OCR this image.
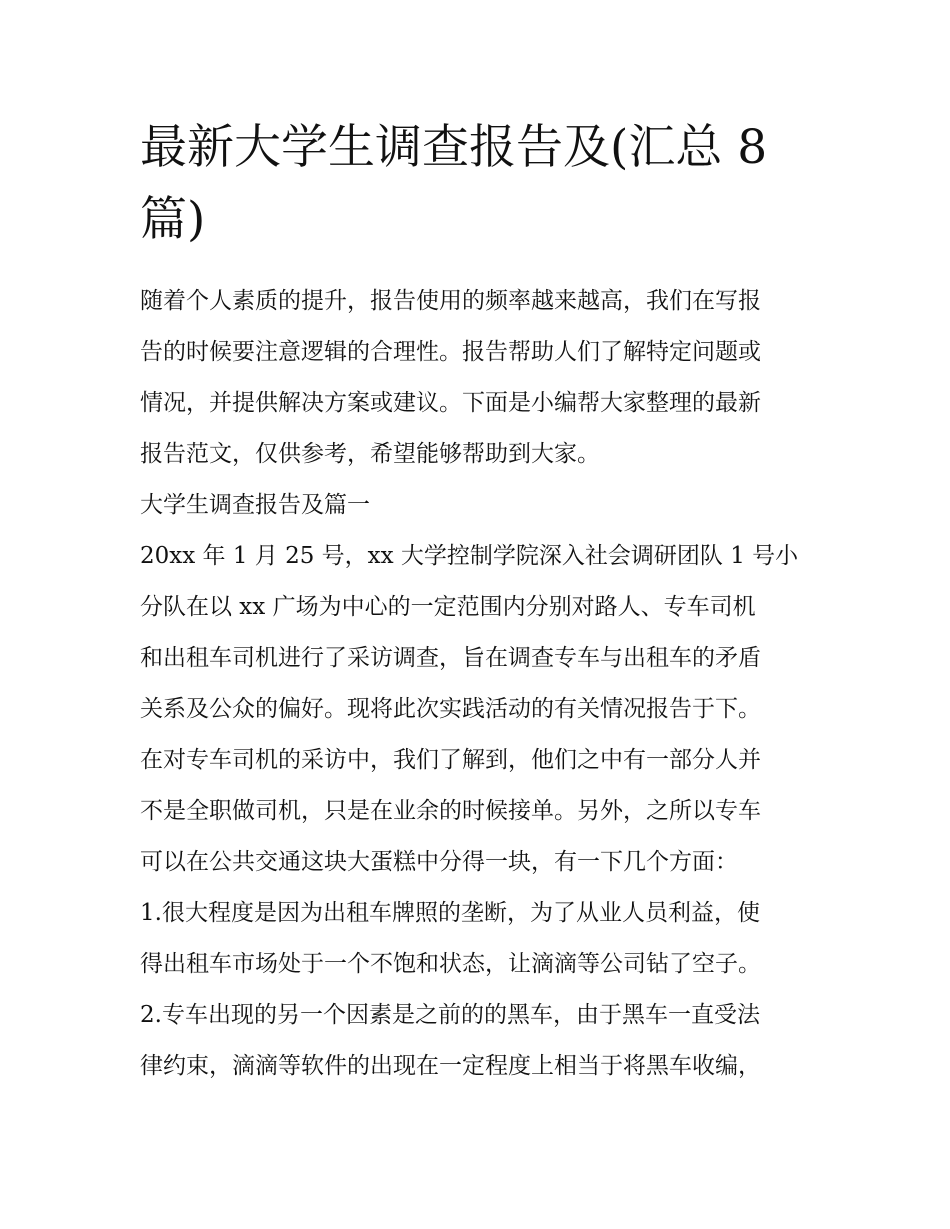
最新大学生调查报告及(汇总 8
篇)
随着个人素质的提升，报告使用的频率越来越高，我们在写报
告的时候要注意逻辑的合理性。报告帮助人们了解特定问题或
情况，并提供解决方案或建议。下面是小编帮大家整理的最新
报告范文，仅供参考，希望能够帮助到大家。
大学生调查报告及篇一
20xx 年 1 月 25 号，xx 大学控制学院深入社会调研团队 1 号小
分队在以 xx 广场为中心的一定范围内分别对路人、专车司机
和出租车司机进行了采访调查，旨在调查专车与出租车的矛盾
关系及公众的偏好。现将此次实践活动的有关情况报告于下。
在对专车司机的采访中，我们了解到，他们之中有一部分人并
不是全职做司机，只是在业余的时候接单。另外，之所以专车
可以在公共交通这块大蛋糕中分得一块，有一下几个方面：
1.很大程度是因为出租车牌照的垄断，为了从业人员利益，使
得出租车市场处于一个不饱和状态，让滴滴等公司钻了空子。
2.专车出现的另一个因素是之前的的黑车，由于黑车一直受法
律约束，滴滴等软件的出现在一定程度上相当于将黑车收编，
